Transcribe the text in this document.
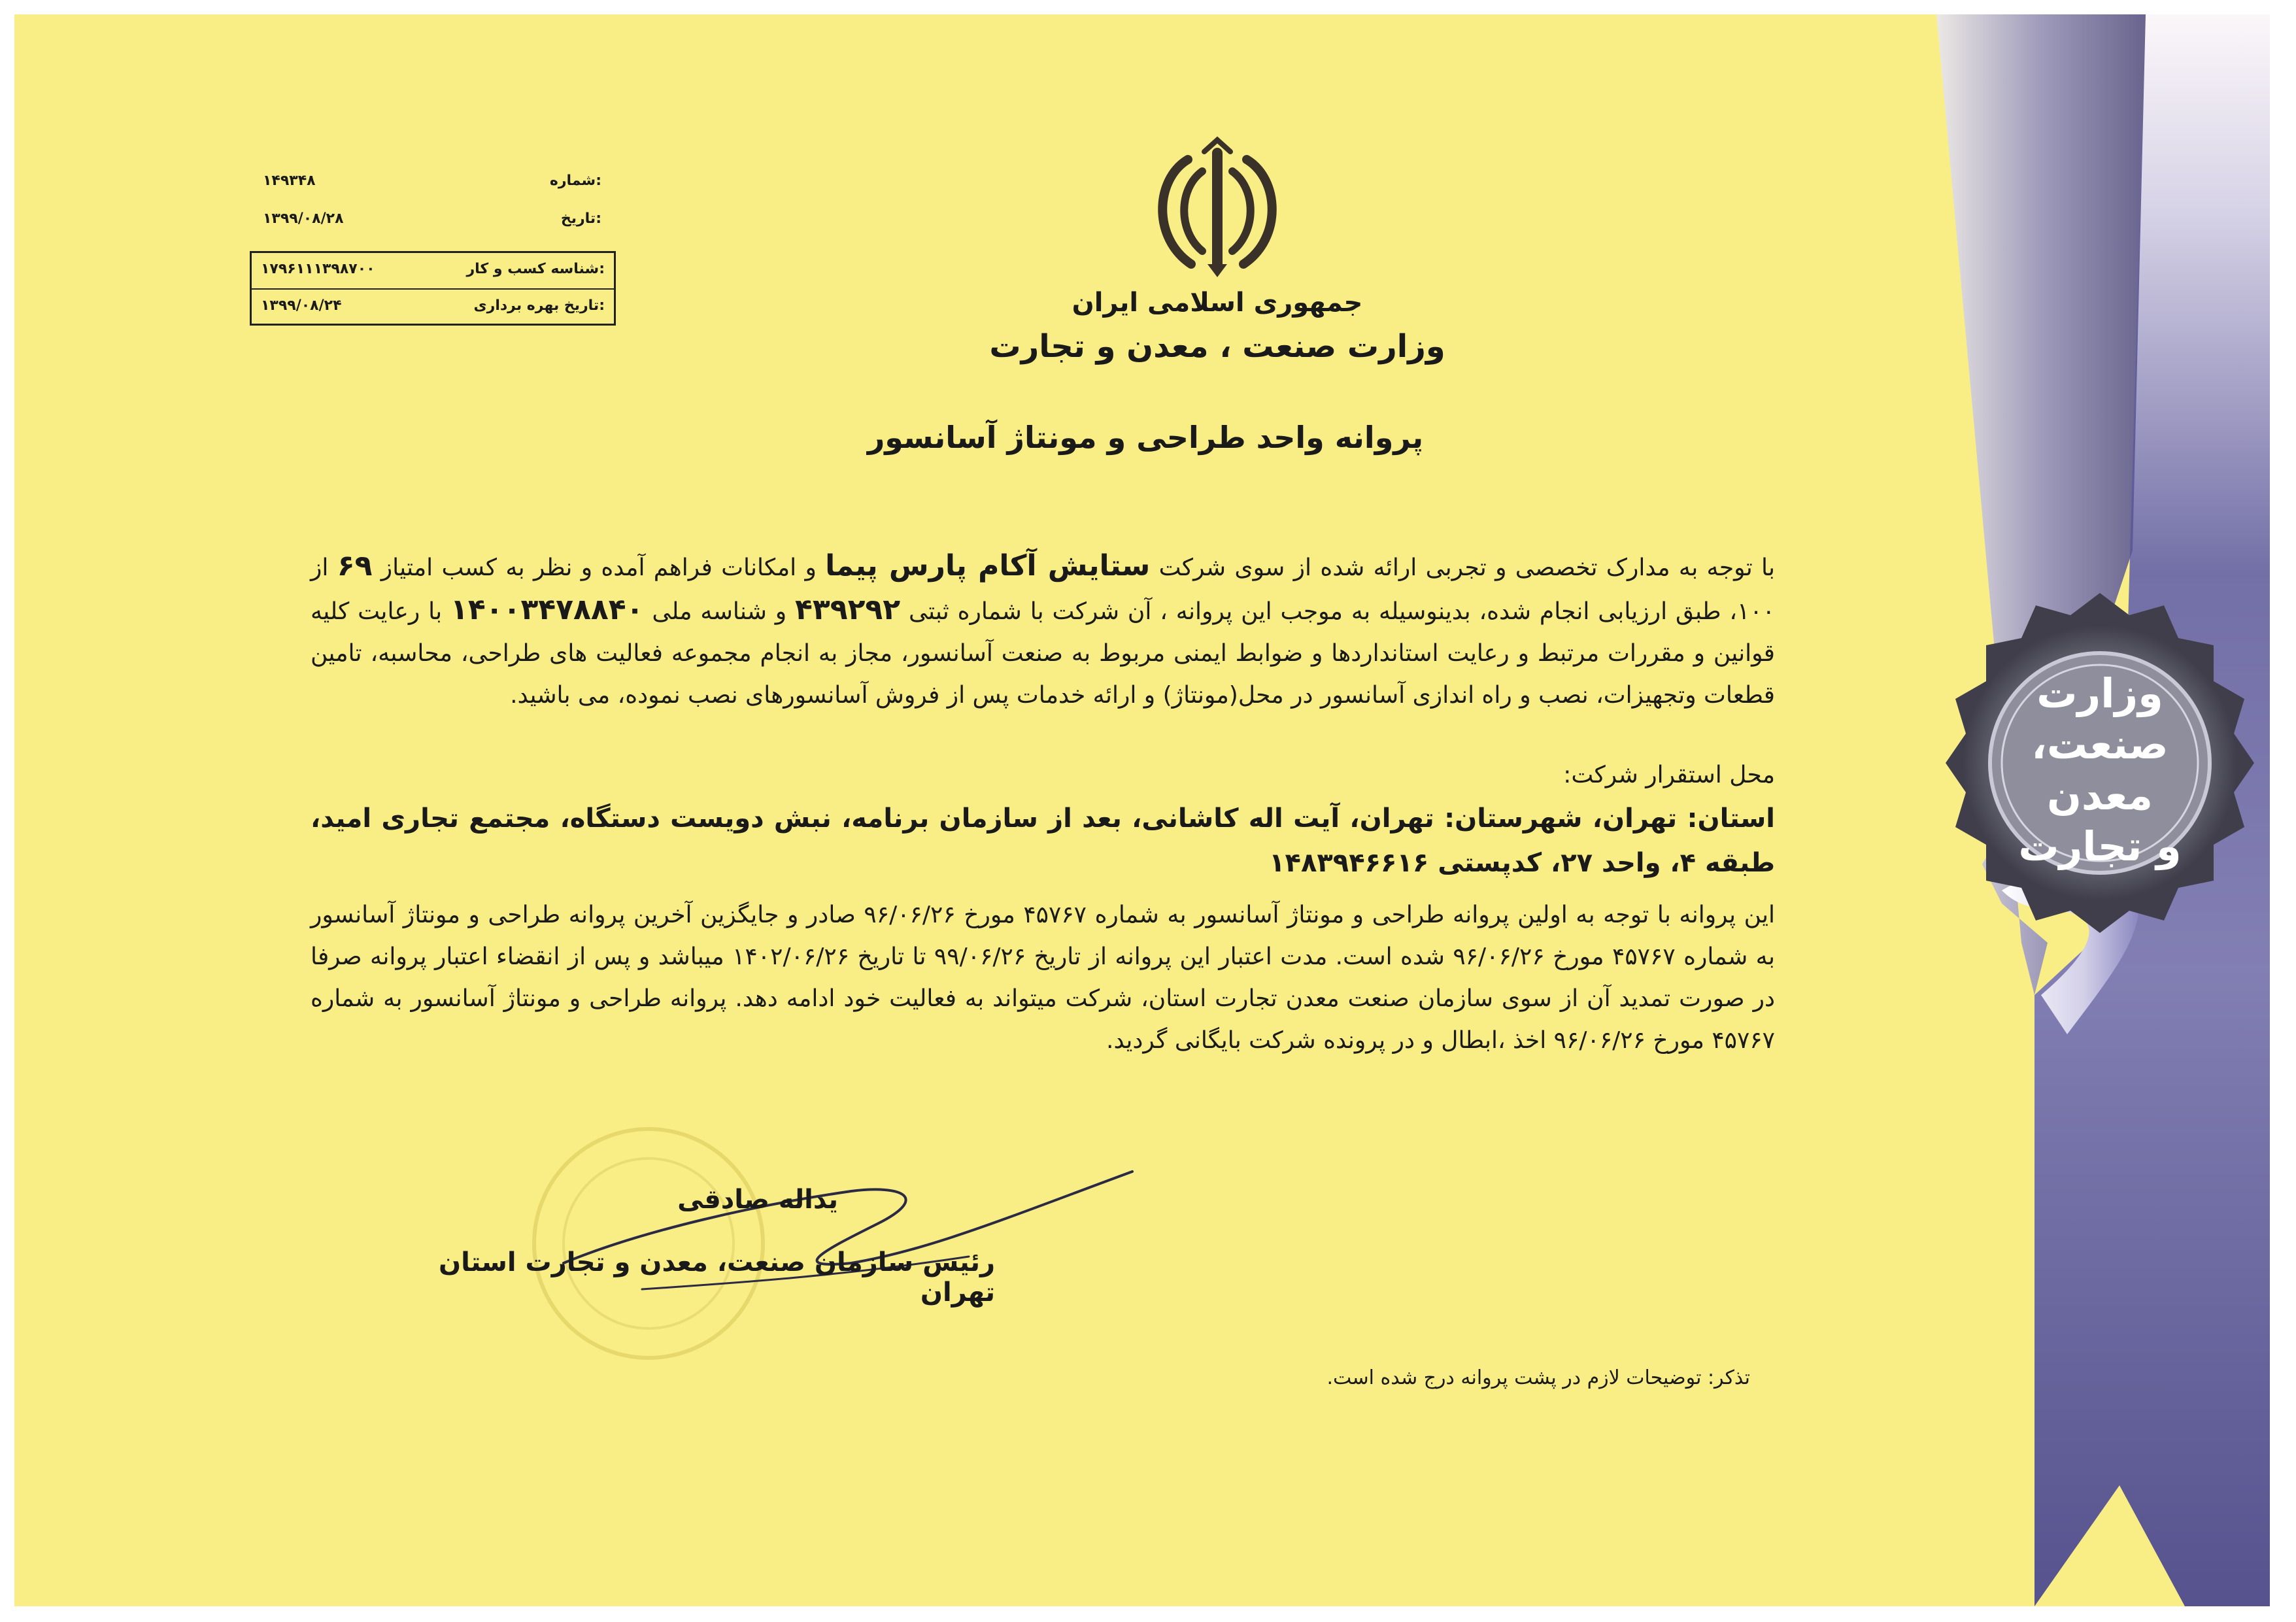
وزارت
صنعت، معدن
و تجارت
شماره:
۱۴۹۳۴۸
تاریخ:
۱۳۹۹/۰۸/۲۸
شناسه کسب و کار:
۱۷۹۶۱۱۱۳۹۸۷۰۰
تاریخ بهره برداری:
۱۳۹۹/۰۸/۲۴	جمهوری اسلامی ایران
وزارت صنعت ، معدن و تجارت
پروانه واحد طراحی و مونتاژ آسانسور
با توجه به مدارک تخصصی و تجربی ارائه شده از سوی شرکت ستایش آکام پارس پیما و امکانات فراهم آمده و نظر به کسب امتیاز ۶۹ از ۱۰۰، طبق ارزیابی انجام شده، بدینوسیله به موجب این پروانه ، آن شرکت با شماره ثبتی ۴۳۹۲۹۲ و شناسه ملی ۱۴۰۰۳۴۷۸۸۴۰ با رعایت کلیه قوانین و مقررات مرتبط و رعایت استانداردها و ضوابط ایمنی مربوط به صنعت آسانسور، مجاز به انجام مجموعه فعالیت های طراحی، محاسبه، تامین قطعات وتجهیزات، نصب و راه اندازی آسانسور در محل(مونتاژ) و ارائه خدمات پس از فروش آسانسورهای نصب نموده، می باشید.
محل استقرار شرکت:
استان: تهران، شهرستان: تهران، آیت اله کاشانی، بعد از سازمان برنامه، نبش دویست دستگاه، مجتمع تجاری امید، طبقه ۴، واحد ۲۷، کدپستی ۱۴۸۳۹۴۶۶۱۶
این پروانه با توجه به اولین پروانه طراحی و مونتاژ آسانسور به شماره ۴۵۷۶۷ مورخ ۹۶/۰۶/۲۶ صادر و جایگزین آخرین پروانه طراحی و مونتاژ آسانسور به شماره ۴۵۷۶۷ مورخ ۹۶/۰۶/۲۶ شده است. مدت اعتبار این پروانه از تاریخ ۹۹/۰۶/۲۶ تا تاریخ ۱۴۰۲/۰۶/۲۶ میباشد و پس از انقضاء اعتبار پروانه صرفا در صورت تمدید آن از سوی سازمان صنعت معدن تجارت استان، شرکت میتواند به فعالیت خود ادامه دهد. پروانه طراحی و مونتاژ آسانسور به شماره ۴۵۷۶۷ مورخ ۹۶/۰۶/۲۶ اخذ ،ابطال و در پرونده شرکت بایگانی گردید.
یداله صادقی
رئیس سازمان صنعت، معدن و تجارت استان تهران
تذکر: توضیحات لازم در پشت پروانه درج شده است.
